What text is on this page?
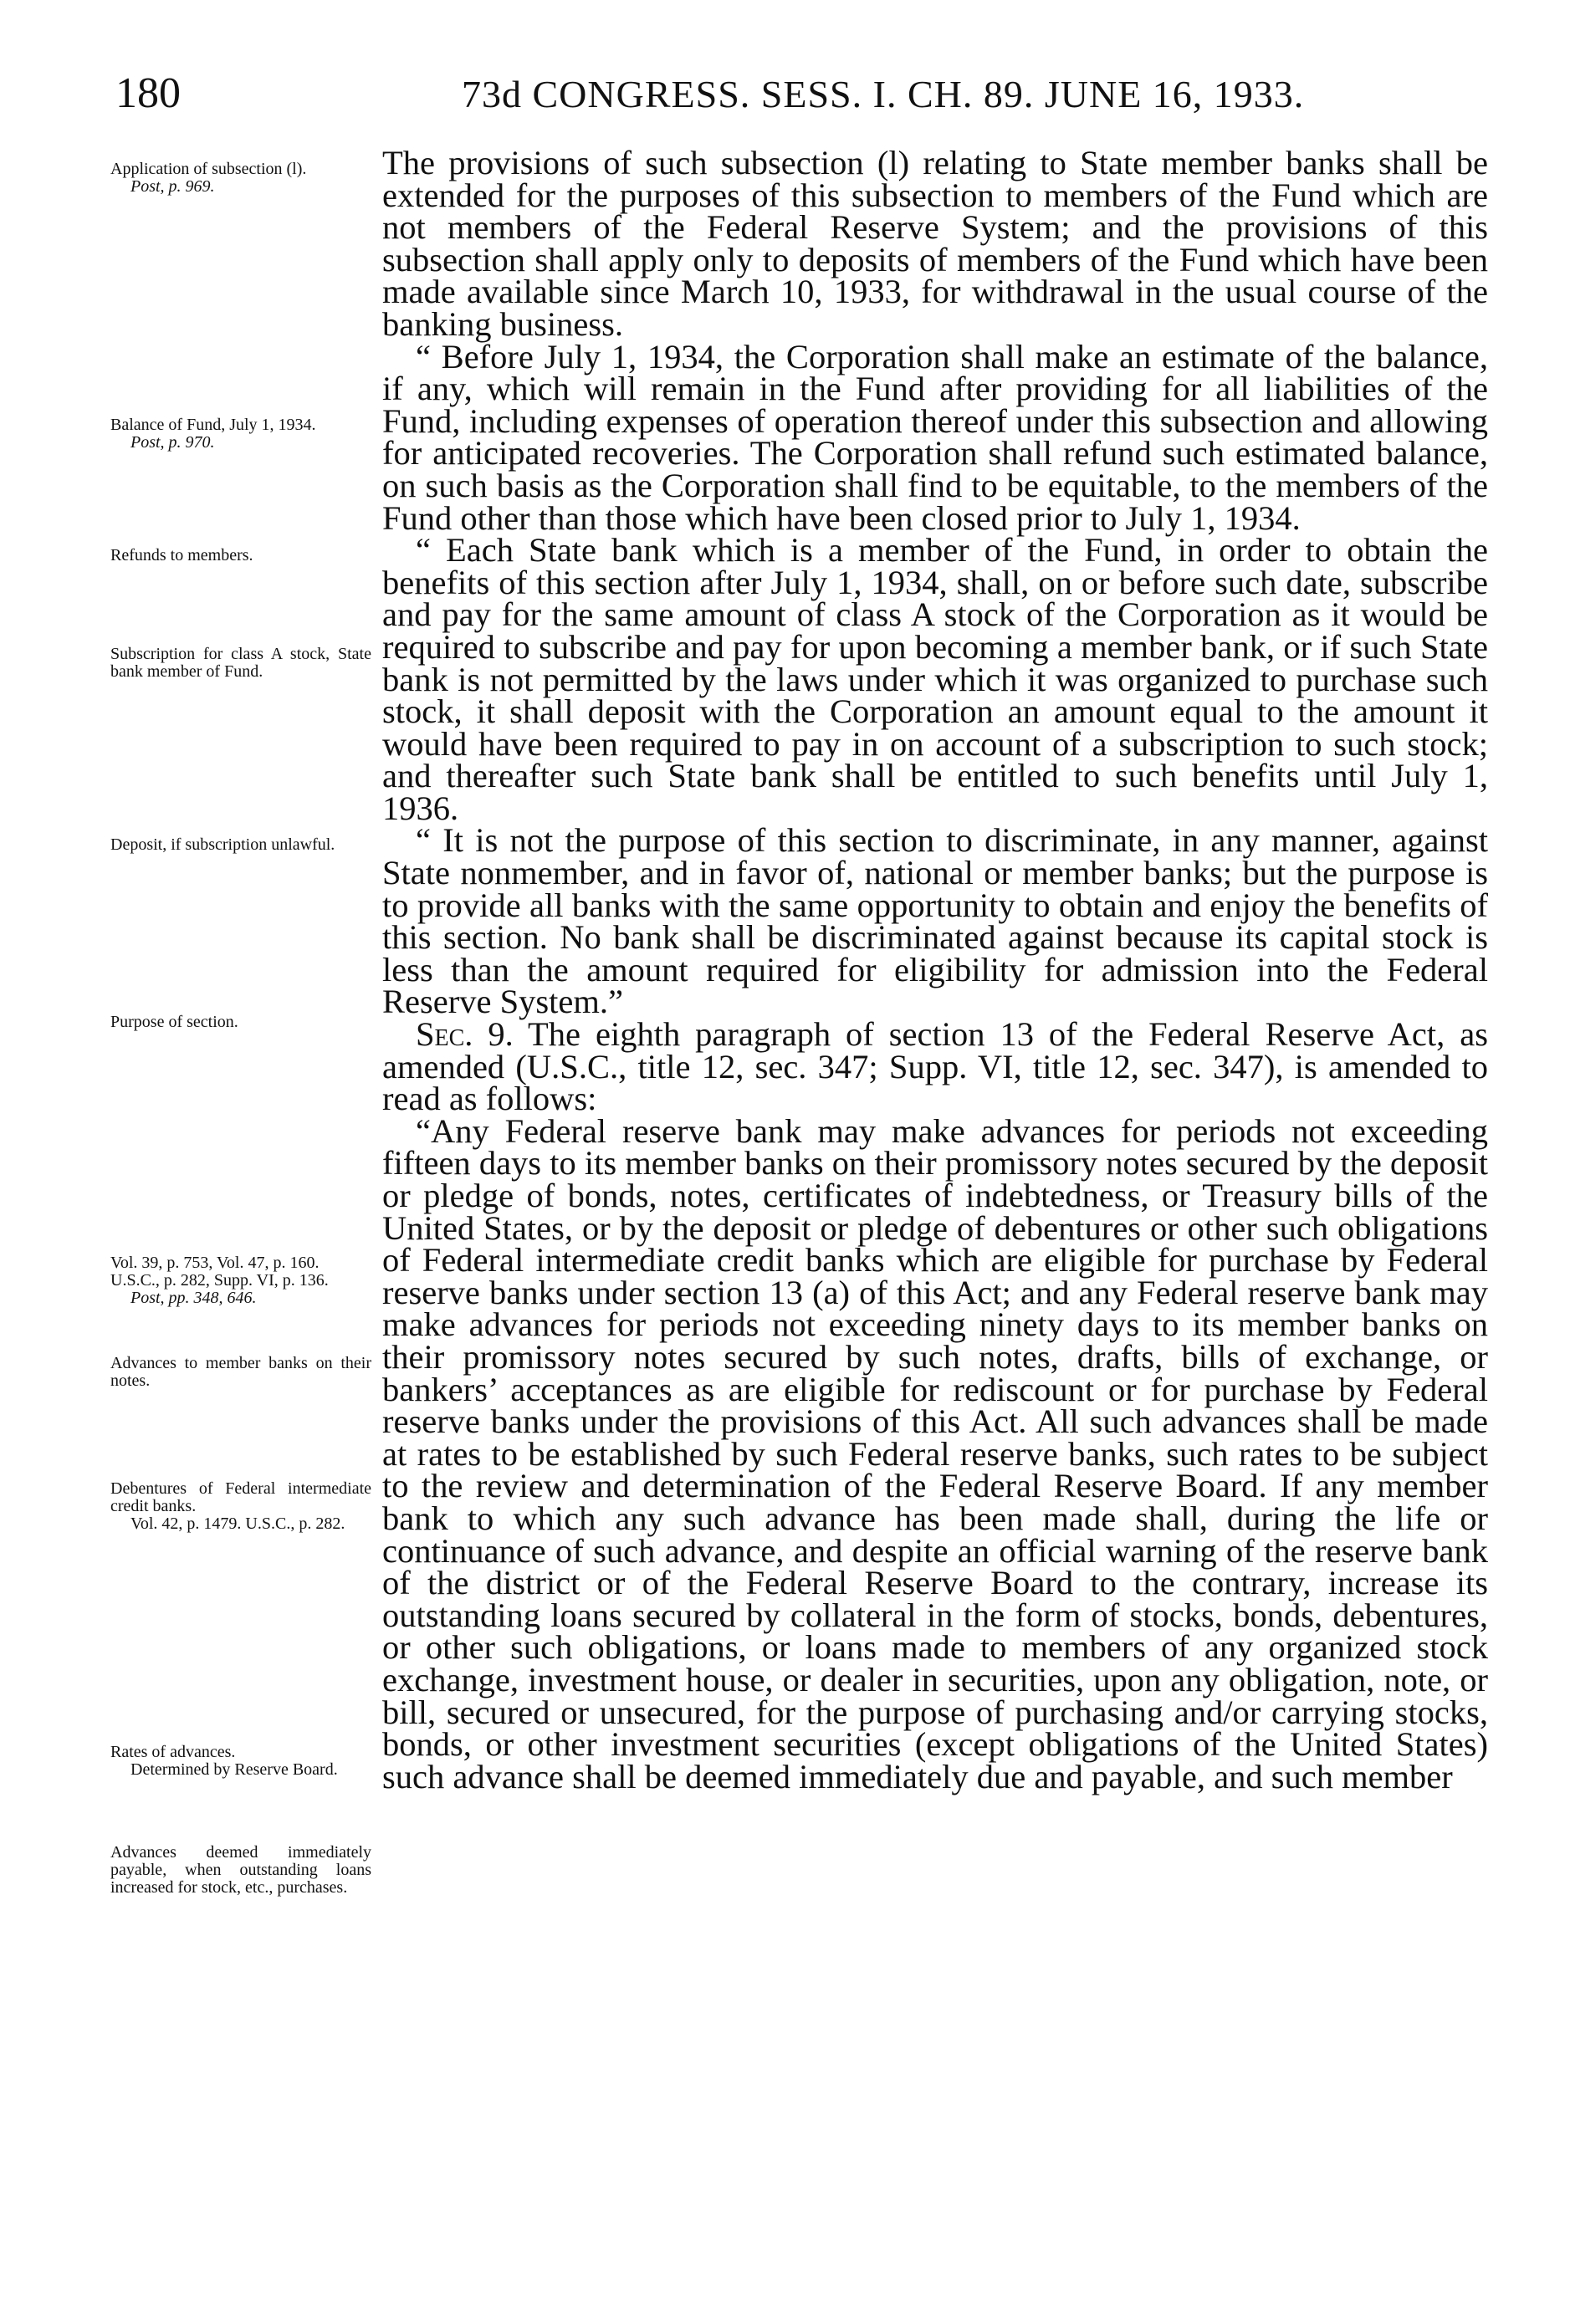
180	73d CONGRESS. SESS. I. CH. 89. JUNE 16, 1933.
Application of subsection (l).
Post, p. 969.
Balance of Fund, July 1, 1934.
Post, p. 970.
Refunds to members.
Subscription for class A stock, State bank member of Fund.
Deposit, if subscription unlawful.
Purpose of section.
Vol. 39, p. 753, Vol. 47, p. 160.
U.S.C., p. 282, Supp. VI, p. 136.

Post, pp. 348, 646.
Advances to member banks on their notes.
Debentures of Federal intermediate credit banks.
Vol. 42, p. 1479. U.S.C., p. 282.
Rates of advances.
Determined by Reserve Board.
Advances deemed immediately payable, when outstanding loans increased for stock, etc., purchases.

The provisions of such subsection (l) relating to State member banks shall be extended for the purposes of this subsection to members of the Fund which are not members of the Federal Reserve System; and the provisions of this subsection shall apply only to deposits of members of the Fund which have been made available since March 10, 1933, for withdrawal in the usual course of the banking business.

“ Before July 1, 1934, the Corporation shall make an estimate of the balance, if any, which will remain in the Fund after providing for all liabilities of the Fund, including expenses of operation thereof under this subsection and allowing for anticipated recoveries. The Corporation shall refund such estimated balance, on such basis as the Corporation shall find to be equitable, to the members of the Fund other than those which have been closed prior to July 1, 1934.

“ Each State bank which is a member of the Fund, in order to obtain the benefits of this section after July 1, 1934, shall, on or before such date, subscribe and pay for the same amount of class A stock of the Corporation as it would be required to subscribe and pay for upon becoming a member bank, or if such State bank is not permitted by the laws under which it was organized to purchase such stock, it shall deposit with the Corporation an amount equal to the amount it would have been required to pay in on account of a subscription to such stock; and thereafter such State bank shall be entitled to such benefits until July 1, 1936.

“ It is not the purpose of this section to discriminate, in any manner, against State nonmember, and in favor of, national or member banks; but the purpose is to provide all banks with the same opportunity to obtain and enjoy the benefits of this section. No bank shall be discriminated against because its capital stock is less than the amount required for eligibility for admission into the Federal Reserve System.”

Sec. 9. The eighth paragraph of section 13 of the Federal Reserve Act, as amended (U.S.C., title 12, sec. 347; Supp. VI, title 12, sec. 347), is amended to read as follows:

“Any Federal reserve bank may make advances for periods not exceeding fifteen days to its member banks on their promissory notes secured by the deposit or pledge of bonds, notes, certificates of indebtedness, or Treasury bills of the United States, or by the deposit or pledge of debentures or other such obligations of Federal intermediate credit banks which are eligible for purchase by Federal reserve banks under section 13 (a) of this Act; and any Federal reserve bank may make advances for periods not exceeding ninety days to its member banks on their promissory notes secured by such notes, drafts, bills of exchange, or bankers’ acceptances as are eligible for rediscount or for purchase by Federal reserve banks under the provisions of this Act. All such advances shall be made at rates to be established by such Federal reserve banks, such rates to be subject to the review and determination of the Federal Reserve Board. If any member bank to which any such advance has been made shall, during the life or continuance of such advance, and despite an official warning of the reserve bank of the district or of the Federal Reserve Board to the contrary, increase its outstanding loans secured by collateral in the form of stocks, bonds, debentures, or other such obligations, or loans made to members of any organized stock exchange, investment house, or dealer in securities, upon any obligation, note, or bill, secured or unsecured, for the purpose of purchasing and/or carrying stocks, bonds, or other investment securities (except obligations of the United States) such advance shall be deemed immediately due and payable, and such member
